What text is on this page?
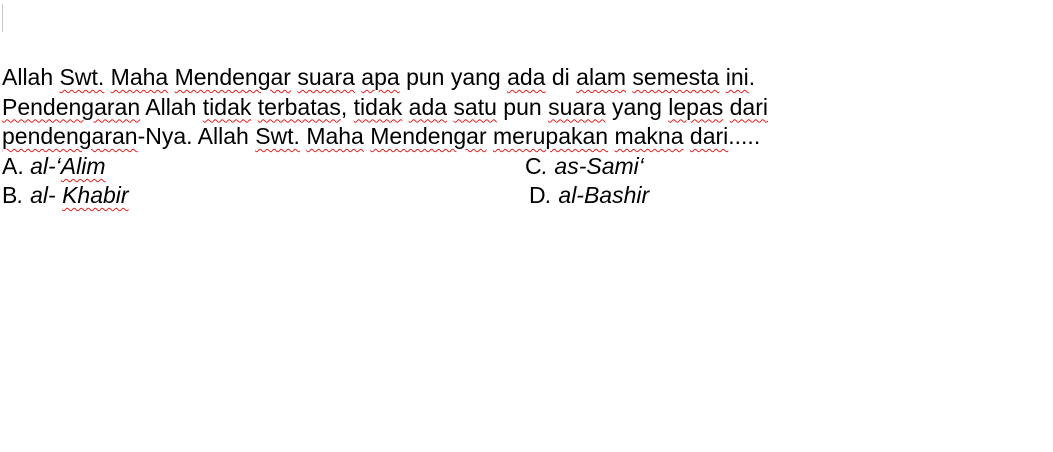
Allah Swt. Maha Mendengar suara apa pun yang ada di alam semesta ini.
Pendengaran Allah tidak terbatas, tidak ada satu pun suara yang lepas dari
pendengaran-Nya. Allah Swt. Maha Mendengar merupakan makna dari.....
A. al-‘Alim
B. al- Khabir
C. as-Sami‘
D. al-Bashir
